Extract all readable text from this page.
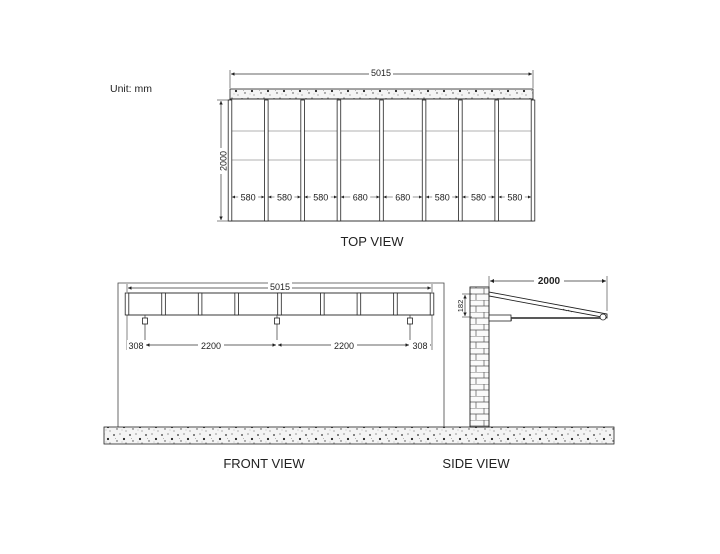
Unit: mm
5015
2000
580 580 580	680	680	580 580 580
TOP VIEW
5015
308	2200	2200	308
FRONT VIEW
2000
182
SIDE VIEW
